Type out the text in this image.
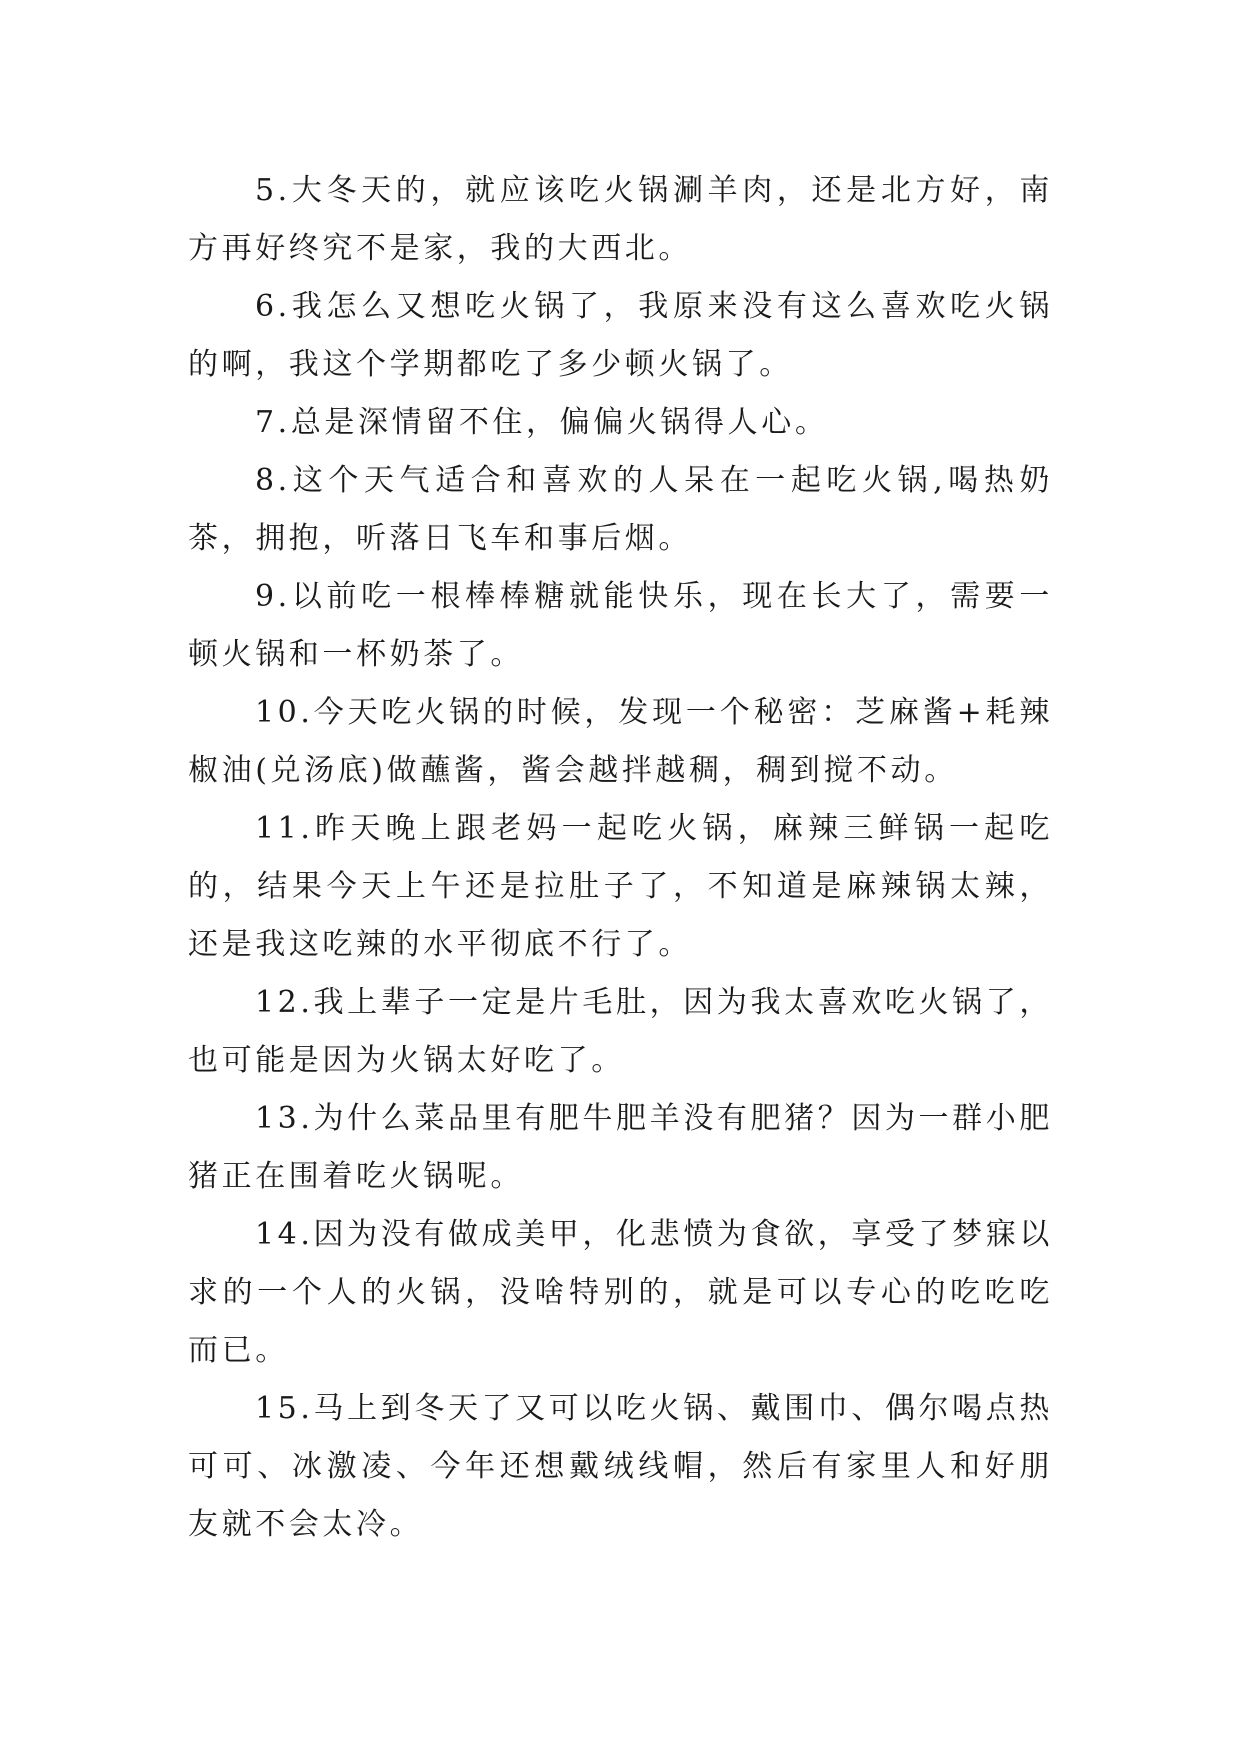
5.大冬天的，就应该吃火锅涮羊肉，还是北方好，南方再好终究不是家，我的大西北。

6.我怎么又想吃火锅了，我原来没有这么喜欢吃火锅的啊，我这个学期都吃了多少顿火锅了。

7.总是深情留不住，偏偏火锅得人心。

8.这个天气适合和喜欢的人呆在一起吃火锅,喝热奶茶，拥抱，听落日飞车和事后烟。

9.以前吃一根棒棒糖就能快乐，现在长大了，需要一顿火锅和一杯奶茶了。

10.今天吃火锅的时候，发现一个秘密：芝麻酱+耗辣椒油(兑汤底)做蘸酱，酱会越拌越稠，稠到搅不动。

11.昨天晚上跟老妈一起吃火锅，麻辣三鲜锅一起吃的，结果今天上午还是拉肚子了，不知道是麻辣锅太辣，还是我这吃辣的水平彻底不行了。

12.我上辈子一定是片毛肚，因为我太喜欢吃火锅了，也可能是因为火锅太好吃了。

13.为什么菜品里有肥牛肥羊没有肥猪？因为一群小肥猪正在围着吃火锅呢。

14.因为没有做成美甲，化悲愤为食欲，享受了梦寐以求的一个人的火锅，没啥特别的，就是可以专心的吃吃吃而已。

15.马上到冬天了又可以吃火锅、戴围巾、偶尔喝点热可可、冰激凌、今年还想戴绒线帽，然后有家里人和好朋友就不会太冷。
